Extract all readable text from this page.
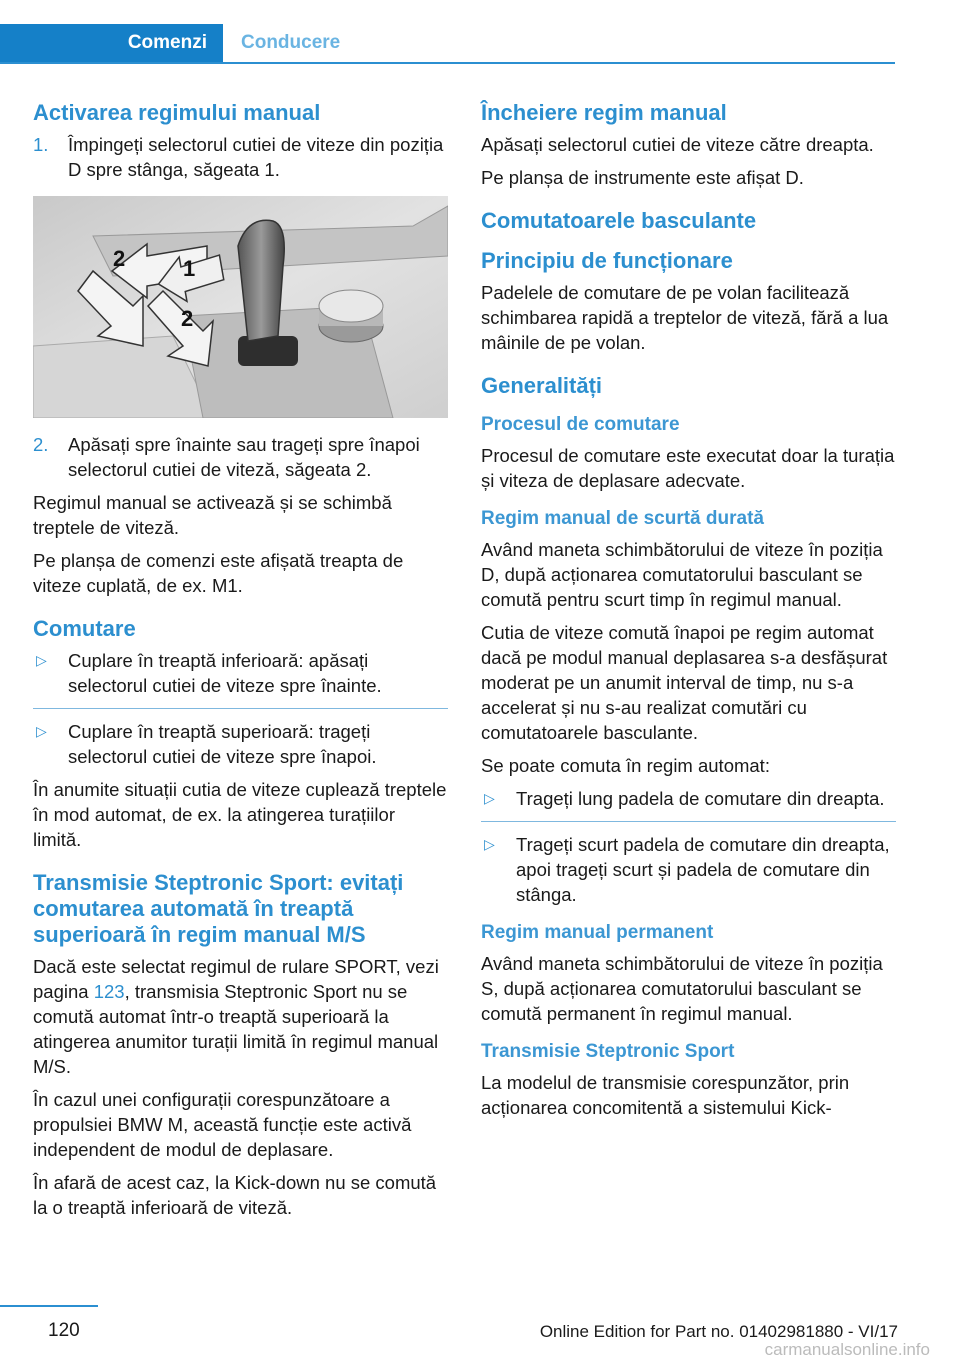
Comenzi	Conducere
Activarea regimului manual
1. Împingeți selectorul cutiei de viteze din poziția D spre stânga, săgeata 1.
1
2
2
2. Apăsați spre înainte sau trageți spre înapoi selectorul cutiei de viteză, săgeata 2.

Regimul manual se activează și se schimbă treptele de viteză.

Pe planșa de comenzi este afișată treapta de viteze cuplată, de ex. M1.

Comutare
▷ Cuplare în treaptă inferioară: apăsați selectorul cutiei de viteze spre înainte.
▷ Cuplare în treaptă superioară: trageți selectorul cutiei de viteze spre înapoi.

În anumite situații cutia de viteze cuplează treptele în mod automat, de ex. la atingerea turațiilor limită.

Transmisie Steptronic Sport: evitați comutarea automată în treaptă superioară în regim manual M/S

Dacă este selectat regimul de rulare SPORT, vezi pagina 123, transmisia Steptronic Sport nu se comută automat într-o treaptă superioară la atingerea anumitor turații limită în regimul manual M/S.

În cazul unei configurații corespunzătoare a propulsiei BMW M, această funcție este activă independent de modul de deplasare.

În afară de acest caz, la Kick-down nu se comută la o treaptă inferioară de viteză.

Încheiere regim manual

Apăsați selectorul cutiei de viteze către dreapta.

Pe planșa de instrumente este afișat D.

Comutatoarele basculante
Principiu de funcționare

Padelele de comutare de pe volan facilitează schimbarea rapidă a treptelor de viteză, fără a lua mâinile de pe volan.

Generalități
Procesul de comutare

Procesul de comutare este executat doar la turația și viteza de deplasare adecvate.

Regim manual de scurtă durată

Având maneta schimbătorului de viteze în poziția D, după acționarea comutatorului basculant se comută pentru scurt timp în regimul manual.

Cutia de viteze comută înapoi pe regim automat dacă pe modul manual deplasarea s-a desfășurat moderat pe un anumit interval de timp, nu s-a accelerat și nu s-au realizat comutări cu comutatoarele basculante.

Se poate comuta în regim automat:

▷ Trageți lung padela de comutare din dreapta.
▷ Trageți scurt padela de comutare din dreapta, apoi trageți scurt și padela de comutare din stânga.
Regim manual permanent

Având maneta schimbătorului de viteze în poziția S, după acționarea comutatorului basculant se comută permanent în regimul manual.

Transmisie Steptronic Sport

La modelul de transmisie corespunzător, prin acționarea concomitentă a sistemului Kick-

120	Online Edition for Part no. 01402981880 - VI/17
carmanualsonline.info
